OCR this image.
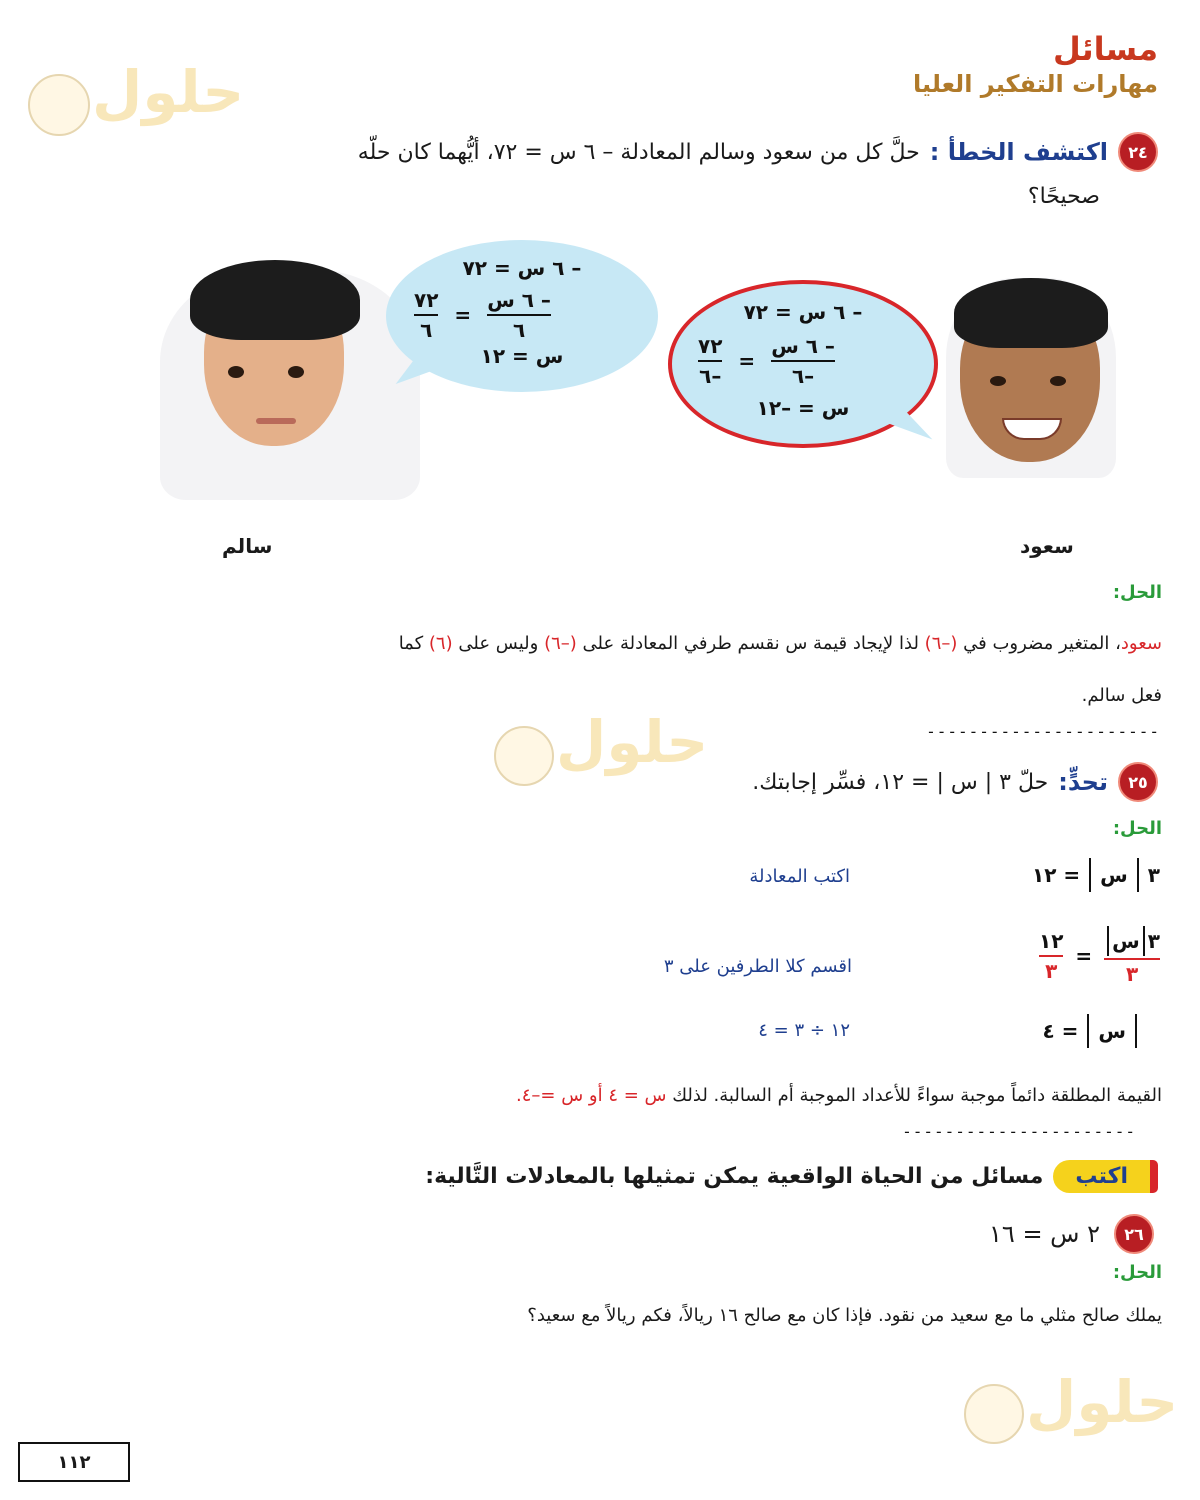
مسائل
مهارات التفكير العليا
حلول
حلول
حلول
٢٤
اكتشف الخطأ :
حلَّ كل من سعود وسالم المعادلة – ٦ س = ٧٢، أيُّهما كان حلّه
صحيحًا؟
– ٦ س = ٧٢
$\frac{\text{– ٦ س}}{٦}$
=
$\frac{٧٢}{٦}$
س = ١٢
– ٦ س = ٧٢
$\frac{\text{– ٦ س}}{-٦}$
=
$\frac{٧٢}{-٦}$
س = –١٢
سالم	سعود
الحل:
سعود، المتغير مضروب في (–٦) لذا لإيجاد قيمة س نقسم طرفي المعادلة على (–٦) وليس على (٦) كما
فعل سالم.
----------------------
٢٥
تحدٍّ:
حلّ ٣ | س | = ١٢، فسِّر إجابتك.
الحل:
٣
س
= ١٢
اكتب المعادلة
٣
س
٣
=
$\frac{١٢}{٣}$
اقسم كلا الطرفين على ٣
س
= ٤
١٢ ÷ ٣ = ٤
القيمة المطلقة دائماً موجبة سواءً للأعداد الموجبة أم السالبة. لذلك س = ٤ أو س =–٤.
----------------------
اكتب
مسائل من الحياة الواقعية يمكن تمثيلها بالمعادلات التَّالية:
٢٦
٢ س = ١٦
الحل:
يملك صالح مثلي ما مع سعيد من نقود. فإذا كان مع صالح ١٦ ريالاً، فكم ريالاً مع سعيد؟
١١٢
